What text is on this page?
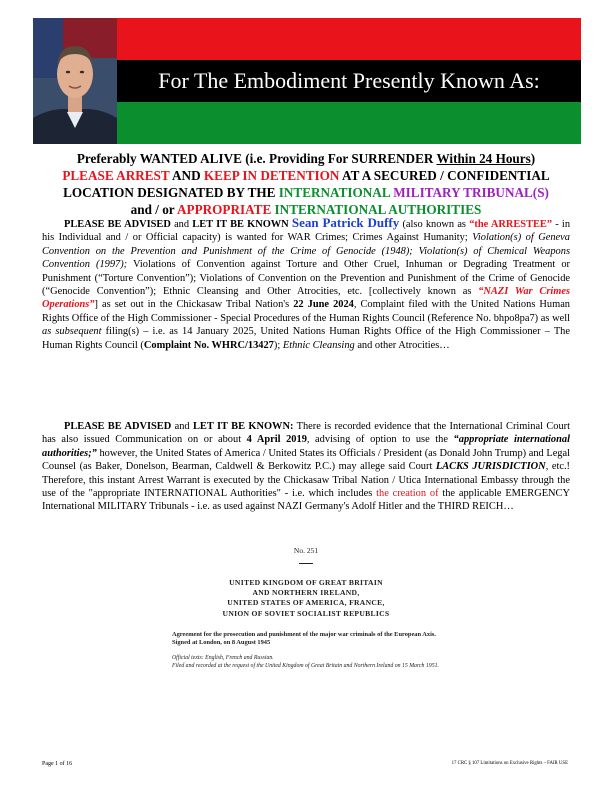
ARREST WARRANT
For The Embodiment Presently Known As:
SEAN PATRICK DUFFY
Preferably WANTED ALIVE (i.e. Providing For SURRENDER Within 24 Hours)
PLEASE ARREST AND KEEP IN DETENTION AT A SECURED / CONFIDENTIAL
LOCATION DESIGNATED BY THE INTERNATIONAL MILITARY TRIBUNAL(S)
and / or APPROPRIATE INTERNATIONAL AUTHORITIES
PLEASE BE ADVISED and LET IT BE KNOWN Sean Patrick Duffy (also known as “the ARRESTEE” - in his Individual and / or Official capacity) is wanted for WAR Crimes; Crimes Against Humanity; Violation(s) of Geneva Convention on the Prevention and Punishment of the Crime of Genocide (1948); Violation(s) of Chemical Weapons Convention (1997); Violations of Convention against Torture and Other Cruel, Inhuman or Degrading Treatment or Punishment (“Torture Convention”); Violations of Convention on the Prevention and Punishment of the Crime of Genocide (“Genocide Convention”); Ethnic Cleansing and Other Atrocities, etc. [collectively known as “NAZI War Crimes Operations”] as set out in the Chickasaw Tribal Nation's 22 June 2024, Complaint filed with the United Nations Human Rights Office of the High Commissioner - Special Procedures of the Human Rights Council (Reference No. bhpo8pa7) as well as subsequent filing(s) – i.e. as 14 January 2025, United Nations Human Rights Office of the High Commissioner – The Human Rights Council (Complaint No. WHRC/13427); Ethnic Cleansing and other Atrocities…
PLEASE BE ADVISED and LET IT BE KNOWN: There is recorded evidence that the International Criminal Court has also issued Communication on or about 4 April 2019, advising of option to use the “appropriate international authorities;” however, the United States of America / United States its Officials / President (as Donald John Trump) and Legal Counsel (as Baker, Donelson, Bearman, Caldwell & Berkowitz P.C.) may allege said Court LACKS JURISDICTION, etc.! Therefore, this instant Arrest Warrant is executed by the Chickasaw Tribal Nation / Utica International Embassy through the use of the "appropriate INTERNATIONAL Authorities" - i.e. which includes the creation of the applicable EMERGENCY International MILITARY Tribunals - i.e. as used against NAZI Germany's Adolf Hitler and the THIRD REICH…
No. 251
UNITED KINGDOM OF GREAT BRITAIN
AND NORTHERN IRELAND,
UNITED STATES OF AMERICA, FRANCE,
UNION OF SOVIET SOCIALIST REPUBLICS
Agreement for the prosecution and punishment of the major war criminals of the European Axis. Signed at London, on 8 August 1945
Official texts: English, French and Russian.
Filed and recorded at the request of the United Kingdom of Great Britain and Northern Ireland on 15 March 1951.
Page 1 of 16	17 CRC § 107 Limitations on Exclusive Rights – FAIR USE
